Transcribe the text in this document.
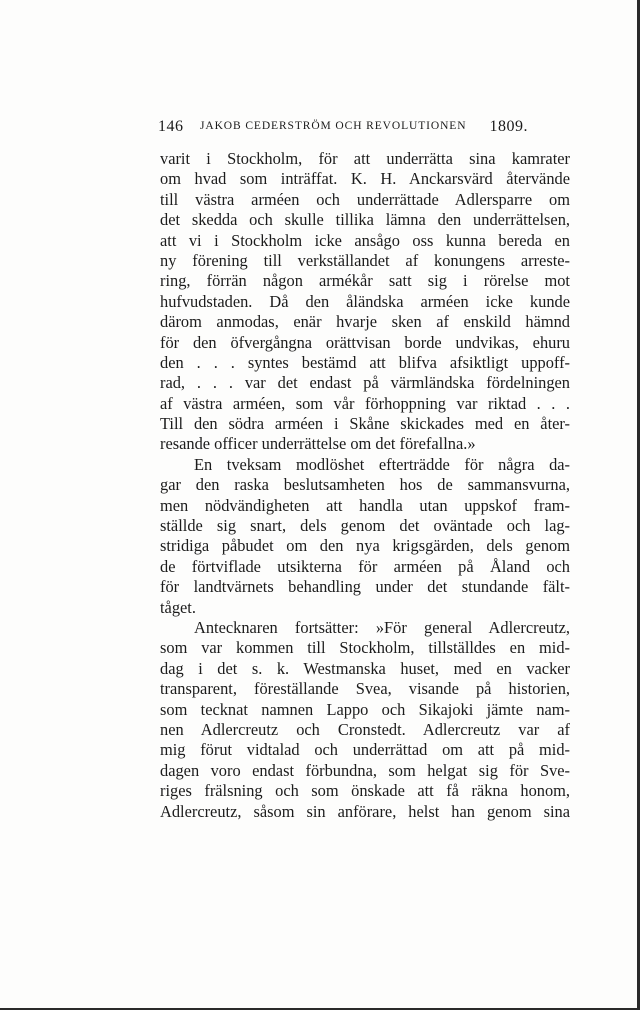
146 JAKOB CEDERSTRÖM OCH REVOLUTIONEN 1809.
varit i Stockholm, för att underrätta sina kamrater
om hvad som inträffat. K. H. Anckarsvärd återvände
till västra arméen och underrättade Adlersparre om
det skedda och skulle tillika lämna den underrättelsen,
att vi i Stockholm icke ansågo oss kunna bereda en
ny förening till verkställandet af konungens arreste-
ring, förrän någon armékår satt sig i rörelse mot
hufvudstaden. Då den åländska arméen icke kunde
därom anmodas, enär hvarje sken af enskild hämnd
för den öfvergångna orättvisan borde undvikas, ehuru
den . . . syntes bestämd att blifva afsiktligt uppoff-
rad, . . . var det endast på värmländska fördelningen
af västra arméen, som vår förhoppning var riktad . . .
Till den södra arméen i Skåne skickades med en åter-
resande officer underrättelse om det förefallna.»
En tveksam modlöshet efterträdde för några da-
gar den raska beslutsamheten hos de sammansvurna,
men nödvändigheten att handla utan uppskof fram-
ställde sig snart, dels genom det oväntade och lag-
stridiga påbudet om den nya krigsgärden, dels genom
de förtviflade utsikterna för arméen på Åland och
för landtvärnets behandling under det stundande fält-
tåget.
Antecknaren fortsätter: »För general Adlercreutz,
som var kommen till Stockholm, tillställdes en mid-
dag i det s. k. Westmanska huset, med en vacker
transparent, föreställande Svea, visande på historien,
som tecknat namnen Lappo och Sikajoki jämte nam-
nen Adlercreutz och Cronstedt. Adlercreutz var af
mig förut vidtalad och underrättad om att på mid-
dagen voro endast förbundna, som helgat sig för Sve-
riges frälsning och som önskade att få räkna honom,
Adlercreutz, såsom sin anförare, helst han genom sina
